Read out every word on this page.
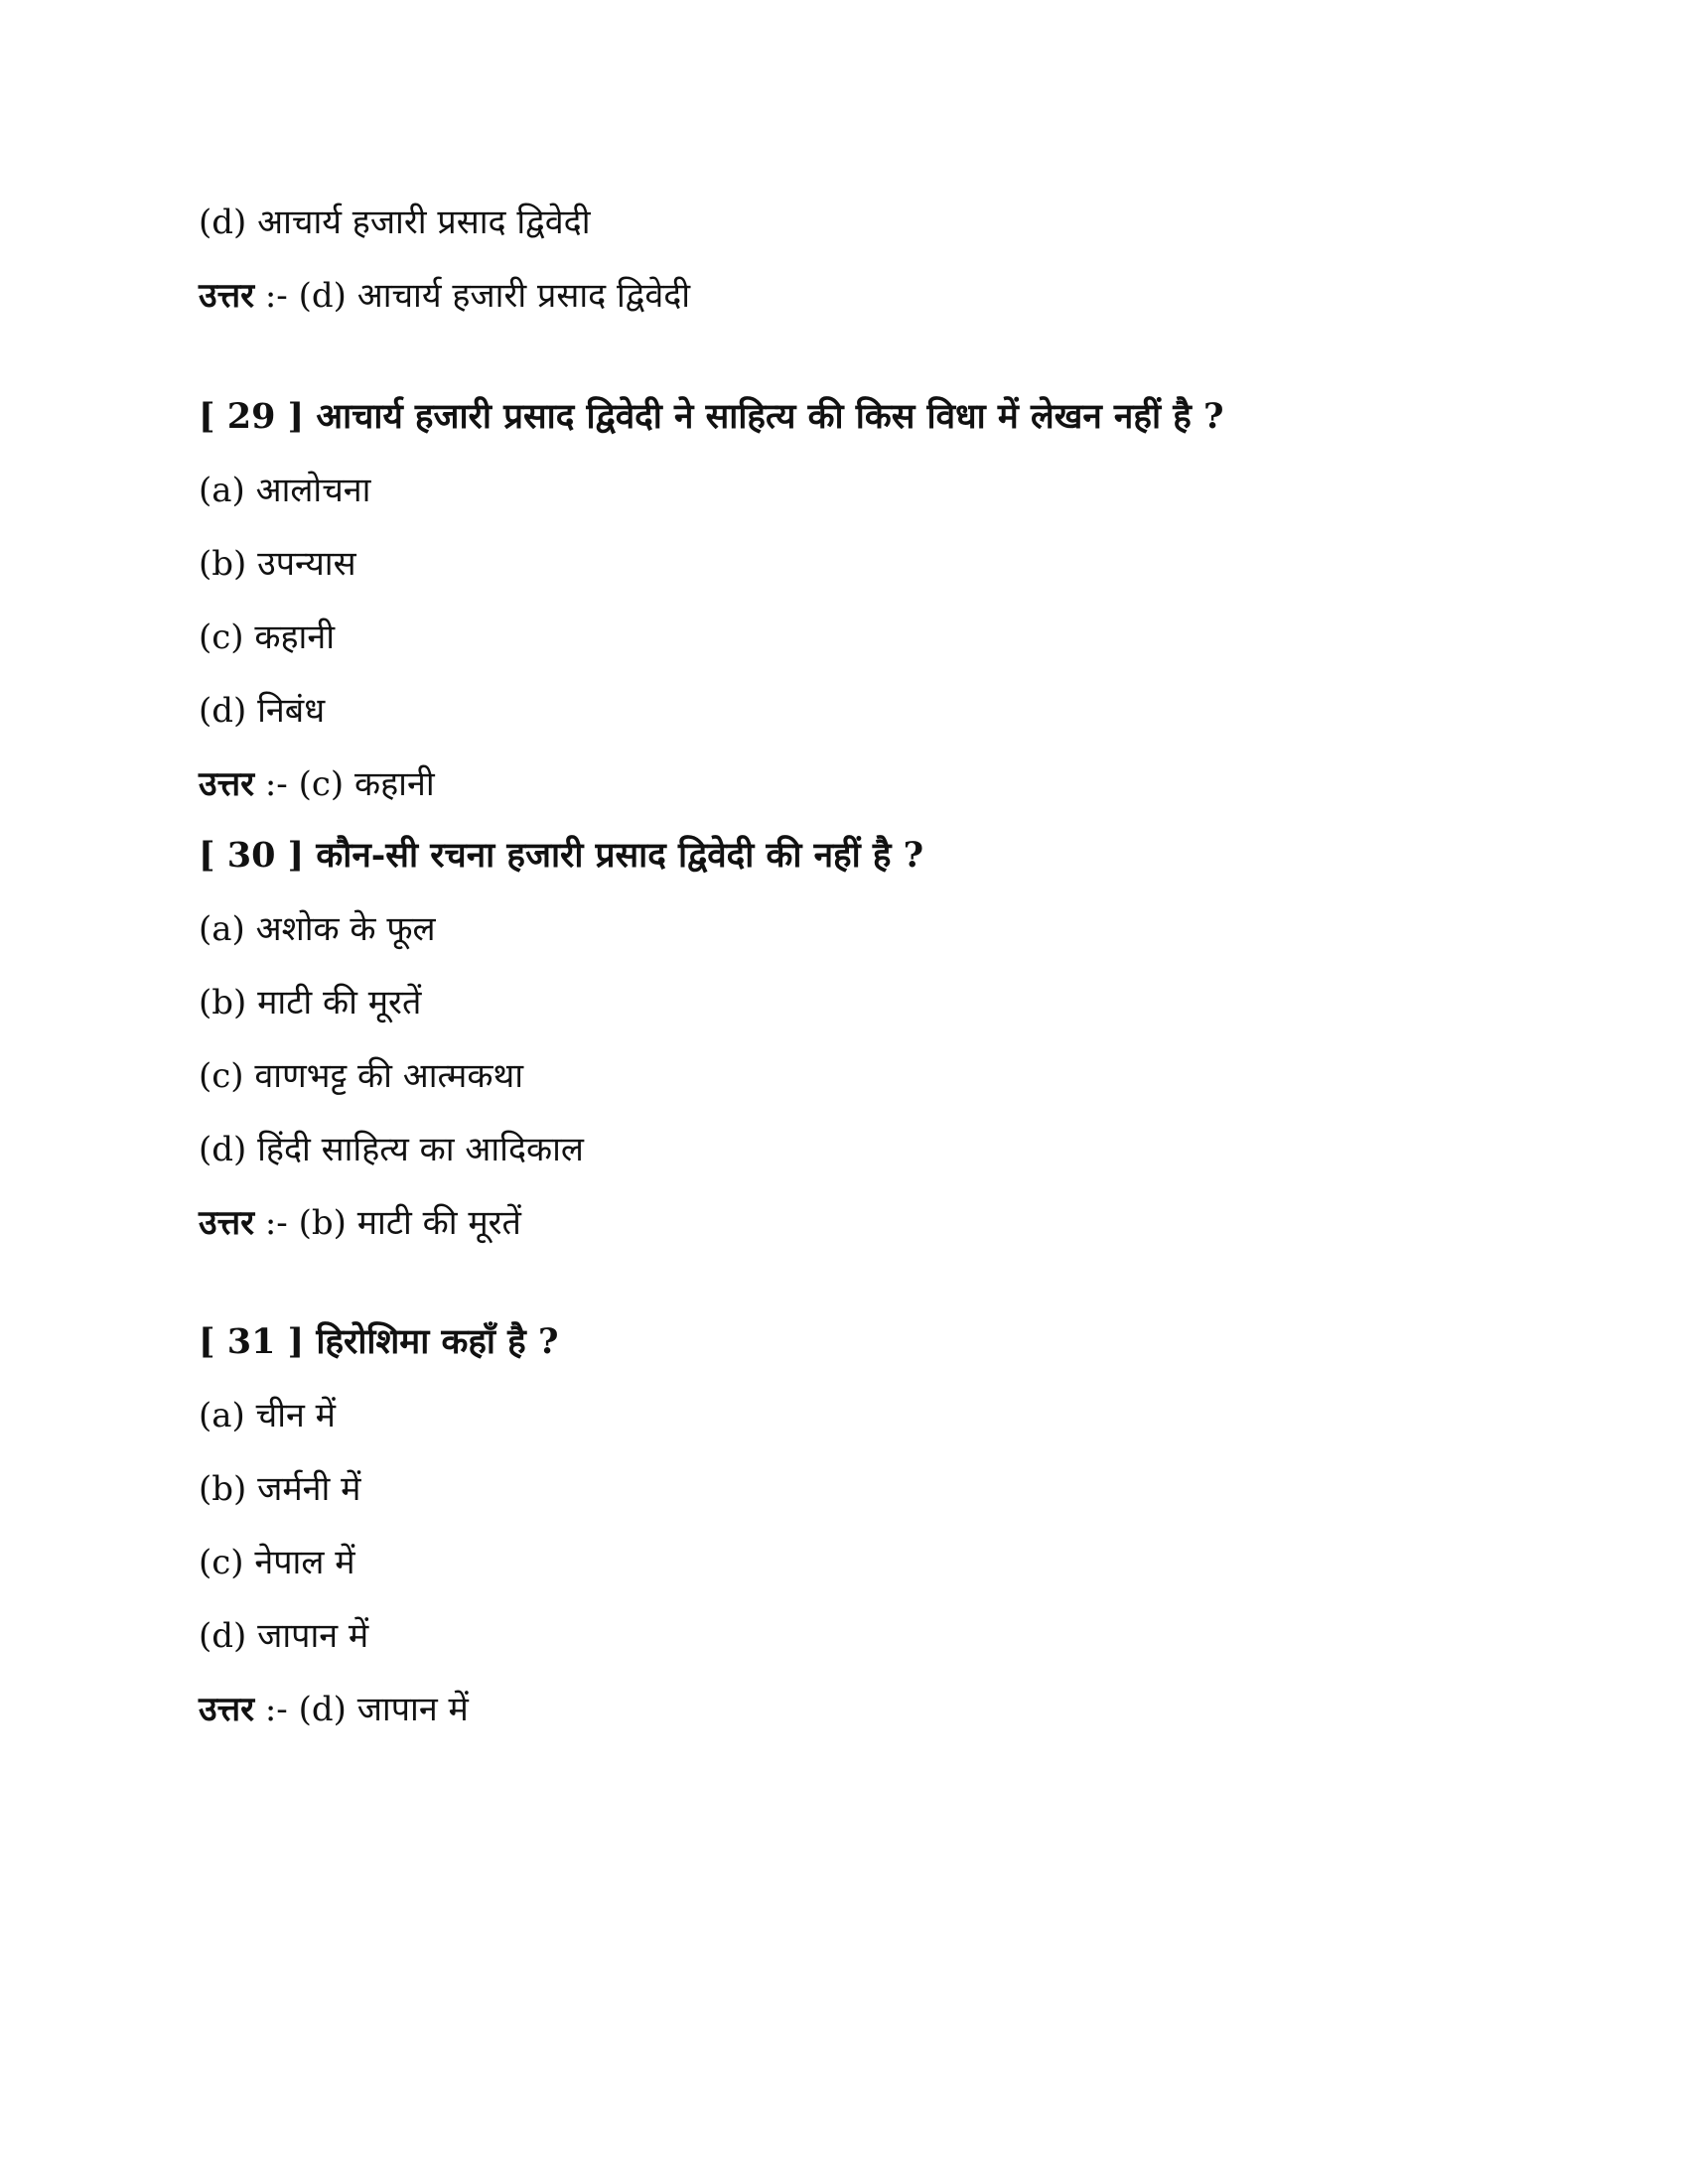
(d) आचार्य हजारी प्रसाद द्विवेदी
उत्तर :- (d) आचार्य हजारी प्रसाद द्विवेदी
[ 29 ] आचार्य हजारी प्रसाद द्विवेदी ने साहित्य की किस विधा में लेखन नहीं है ?
(a) आलोचना
(b) उपन्यास
(c) कहानी
(d) निबंध
उत्तर :- (c) कहानी
[ 30 ] कौन-सी रचना हजारी प्रसाद द्विवेदी की नहीं है ?
(a) अशोक के फूल
(b) माटी की मूरतें
(c) वाणभट्ट की आत्मकथा
(d) हिंदी साहित्य का आदिकाल
उत्तर :- (b) माटी की मूरतें
[ 31 ] हिरोशिमा कहाँ है ?
(a) चीन में
(b) जर्मनी में
(c) नेपाल में
(d) जापान में
उत्तर :- (d) जापान में
